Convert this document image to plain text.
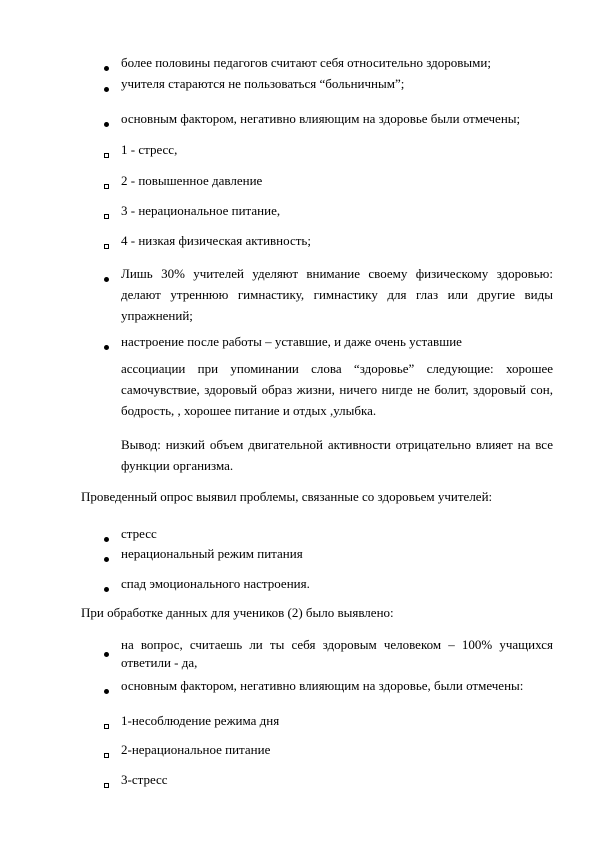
более половины педагогов считают себя относительно здоровыми;
учителя стараются не пользоваться “больничным”;
основным фактором, негативно влияющим на здоровье были отмечены;
1 - стресс,
2 - повышенное давление
3 - нерациональное питание,
4 - низкая физическая активность;
Лишь 30% учителей уделяют внимание своему физическому здоровью: делают утреннюю гимнастику, гимнастику для глаз или другие виды упражнений;
настроение после работы – уставшие, и даже очень уставшие
ассоциации при упоминании слова “здоровье” следующие: хорошее самочувствие, здоровый образ жизни, ничего нигде не болит, здоровый сон, бодрость, , хорошее питание и отдых ,улыбка.
Вывод: низкий объем двигательной активности отрицательно влияет на все функции организма.
Проведенный опрос выявил проблемы, связанные со здоровьем учителей:
стресс
нерациональный режим питания
спад эмоционального настроения.
При обработке данных для учеников (2) было выявлено:
на вопрос, считаешь ли ты себя здоровым человеком – 100% учащихся ответили - да,
основным фактором, негативно влияющим на здоровье, были отмечены:
1-несоблюдение режима дня
2-нерациональное питание
3-стресс
